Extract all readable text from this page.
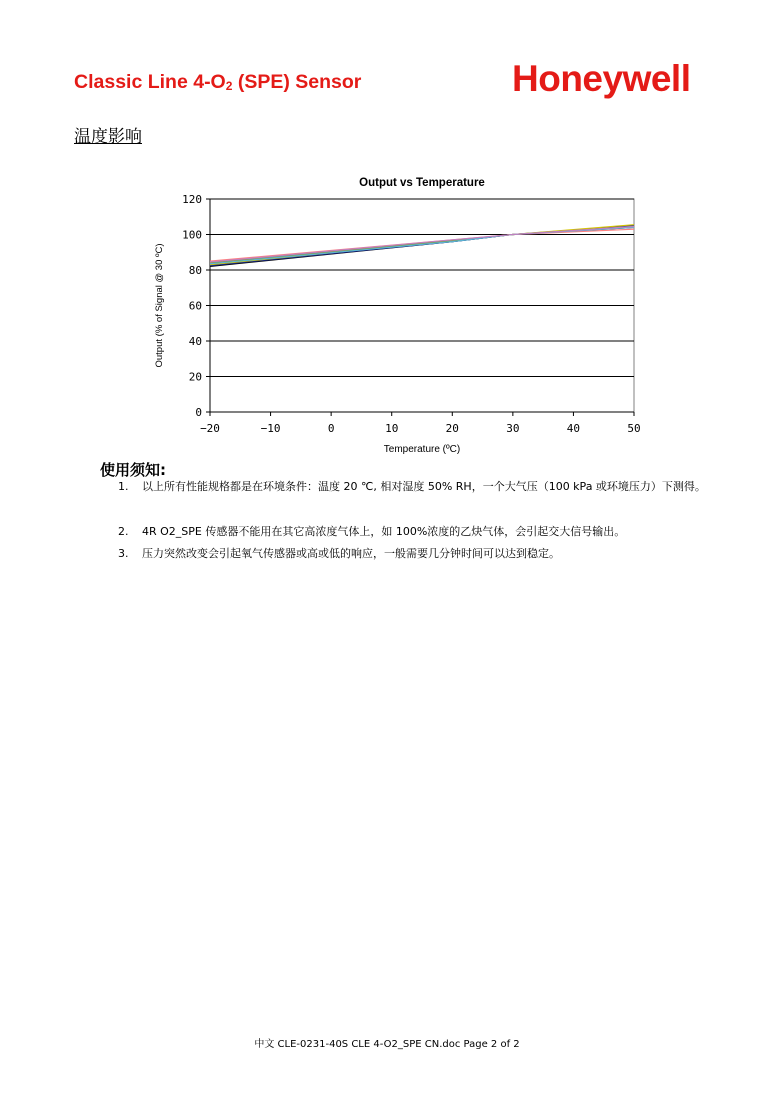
Classic Line $4-O_2$ (SPE) Sensor	Honeywell
温度影响
0
20
40
60
80
100
120
−20	−10	0	10	20	30	40	50
Output vs Temperature
Temperature (ºC)
Output (% of Signal @ 30 ºC)
使用须知:
1. 以上所有性能规格都是在环境条件：温度 20 ℃, 相对湿度 50% RH，一个大气压（100 kPa 或环境压力）下测得。
2. 4R O2_SPE 传感器不能用在其它高浓度气体上，如 100%浓度的乙炔气体，会引起交大信号输出。
3. 压力突然改变会引起氧气传感器或高或低的响应，一般需要几分钟时间可以达到稳定。
中文 CLE-0231-40S CLE 4-O2_SPE CN.doc Page 2 of 2
